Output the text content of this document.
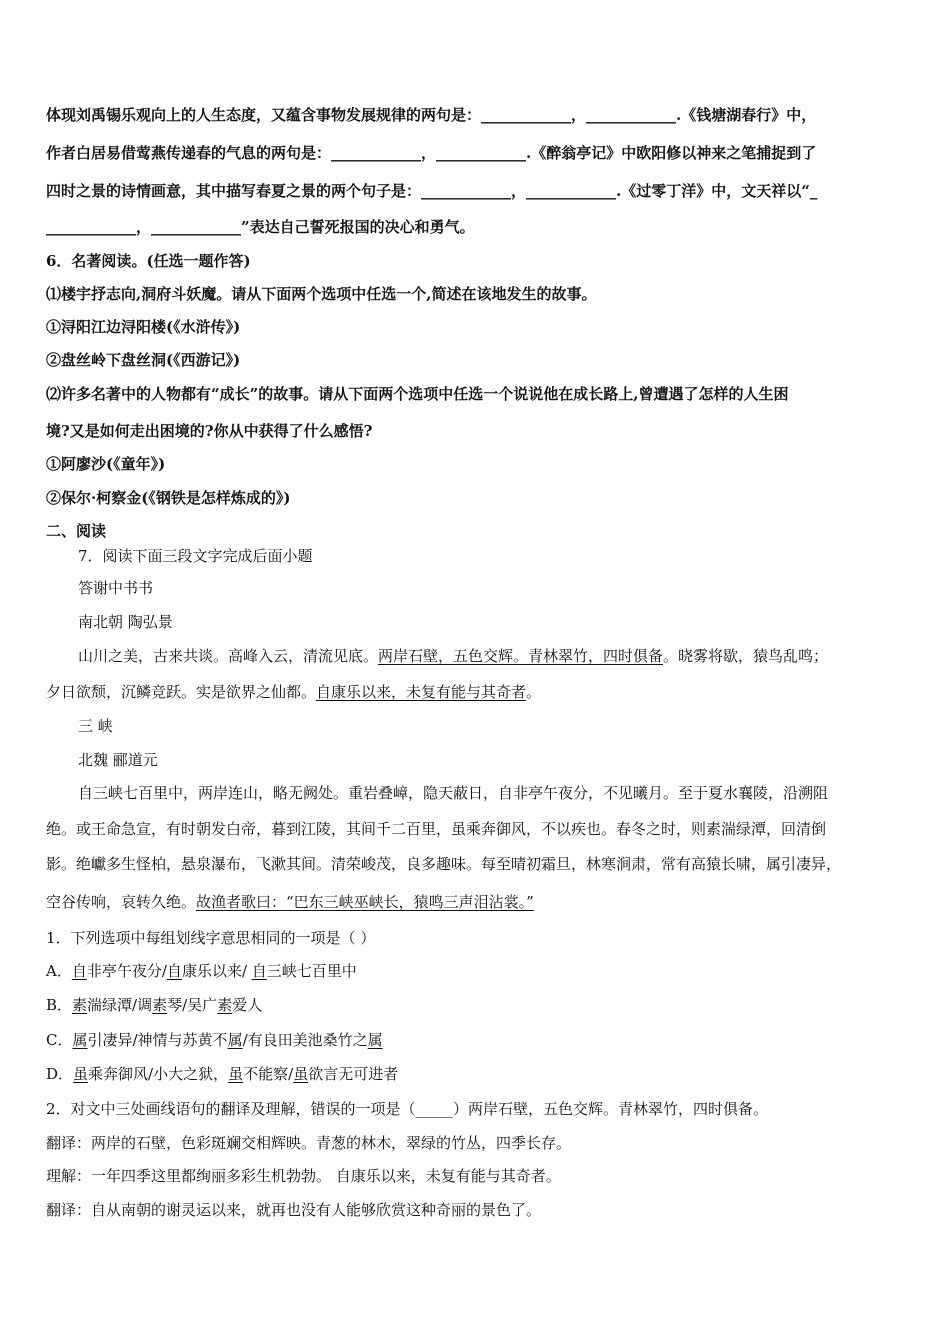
体现刘禹锡乐观向上的人生态度，又蕴含事物发展规律的两句是：____________，____________.《钱塘湖春行》中，
作者白居易借莺燕传递春的气息的两句是：____________，____________.《醉翁亭记》中欧阳修以神来之笔捕捉到了
四时之景的诗情画意，其中描写春夏之景的两个句子是：____________，____________.《过零丁洋》中，文天祥以“_
____________，____________”表达自己誓死报国的决心和勇气。
6．名著阅读。(任选一题作答)
⑴楼宇抒志向,洞府斗妖魔。请从下面两个选项中任选一个,简述在该地发生的故事。
①浔阳江边浔阳楼(《水浒传》)
②盘丝岭下盘丝洞(《西游记》)
⑵许多名著中的人物都有“成长”的故事。请从下面两个选项中任选一个说说他在成长路上,曾遭遇了怎样的人生困
境?又是如何走出困境的?你从中获得了什么感悟?
①阿廖沙(《童年》)
②保尔·柯察金(《钢铁是怎样炼成的》)
二、阅读
7．阅读下面三段文字完成后面小题
答谢中书书
南北朝 陶弘景
山川之美，古来共谈。高峰入云，清流见底。两岸石壁，五色交辉。青林翠竹，四时俱备。晓雾将歇，猿鸟乱鸣；
夕日欲颓，沉鳞竞跃。实是欲界之仙都。自康乐以来，未复有能与其奇者。
三 峡
北魏 郦道元
自三峡七百里中，两岸连山，略无阙处。重岩叠嶂，隐天蔽日，自非亭午夜分，不见曦月。至于夏水襄陵，沿溯阻
绝。或王命急宣，有时朝发白帝，暮到江陵，其间千二百里，虽乘奔御风，不以疾也。春冬之时，则素湍绿潭，回清倒
影。绝巘多生怪柏，悬泉瀑布，飞漱其间。清荣峻茂，良多趣味。每至晴初霜旦，林寒涧肃，常有高猿长啸，属引凄异，
空谷传响，哀转久绝。故渔者歌曰：“巴东三峡巫峡长，猿鸣三声泪沾裳。”
1．下列选项中每组划线字意思相同的一项是（ ）
A．自非亭午夜分/自康乐以来/ 自三峡七百里中
B．素湍绿潭/调素琴/吴广素爱人
C．属引凄异/神情与苏黄不属/有良田美池桑竹之属
D．虽乘奔御风/小大之狱，虽不能察/虽欲言无可进者
2．对文中三处画线语句的翻译及理解，错误的一项是（_____）两岸石壁，五色交辉。青林翠竹，四时俱备。
翻译：两岸的石壁，色彩斑斓交相辉映。青葱的林木，翠绿的竹丛，四季长存。
理解：一年四季这里都绚丽多彩生机勃勃。 自康乐以来，未复有能与其奇者。
翻译：自从南朝的谢灵运以来，就再也没有人能够欣赏这种奇丽的景色了。
